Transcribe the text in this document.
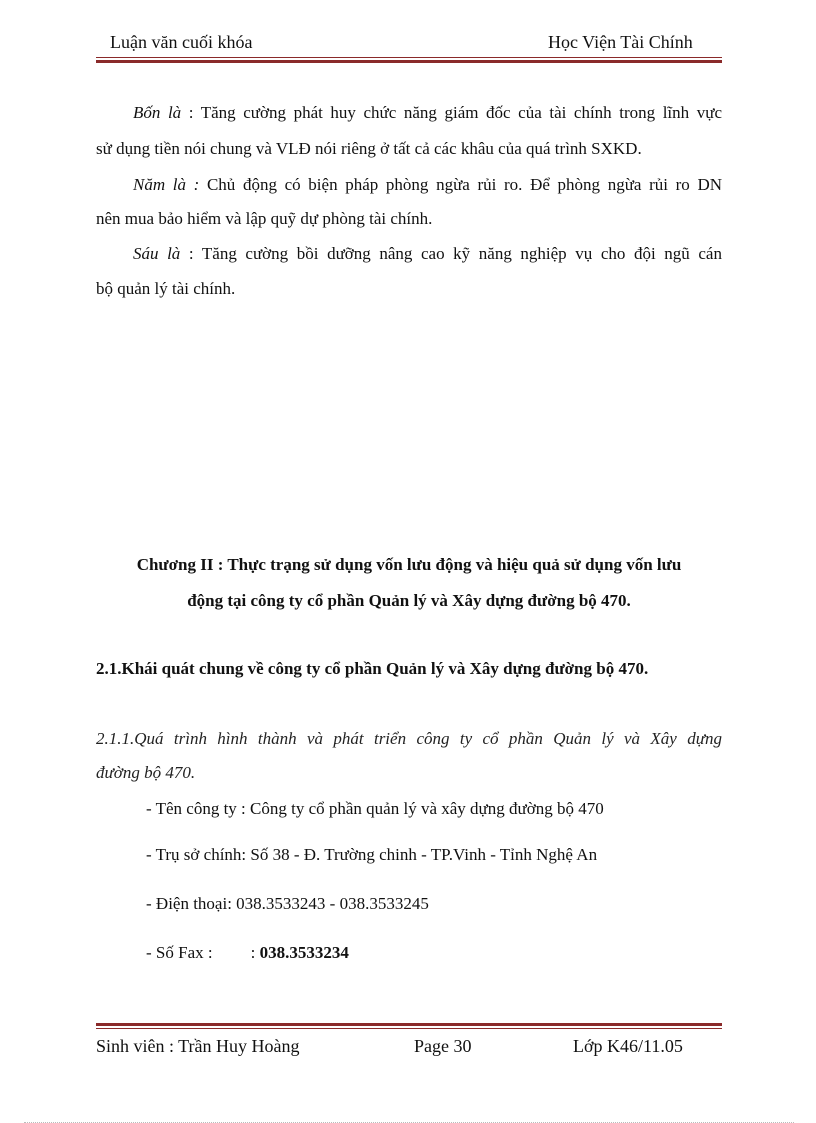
Luận văn cuối khóa	Học Viện Tài Chính
Bốn là : Tăng cường phát huy chức năng giám đốc của tài chính trong lĩnh vực
sử dụng tiền nói chung và VLĐ nói riêng ở tất cả các khâu của quá trình SXKD.
Năm là : Chủ động có biện pháp phòng ngừa rủi ro. Để phòng ngừa rủi ro DN
nên mua bảo hiểm và lập quỹ dự phòng tài chính.
Sáu là : Tăng cường bồi dưỡng nâng cao kỹ năng nghiệp vụ cho đội ngũ cán
bộ quản lý tài chính.
Chương II : Thực trạng sử dụng vốn lưu động và hiệu quả sử dụng vốn lưu
động tại công ty cổ phần Quản lý và Xây dựng đường bộ 470.
2.1.Khái quát chung về công ty cổ phần Quản lý và Xây dựng đường bộ 470.
2.1.1.Quá trình hình thành và phát triển công ty cổ phần Quản lý và Xây dựng
đường bộ 470.
- Tên công ty : Công ty cổ phần quản lý và xây dựng đường bộ 470
- Trụ sở chính: Số 38 - Đ. Trường chinh - TP.Vinh - Tỉnh Nghệ An
- Điện thoại: 038.3533243 - 038.3533245
- Số Fax : : 038.3533234
Sinh viên : Trần Huy Hoàng	Page 30	Lớp K46/11.05
